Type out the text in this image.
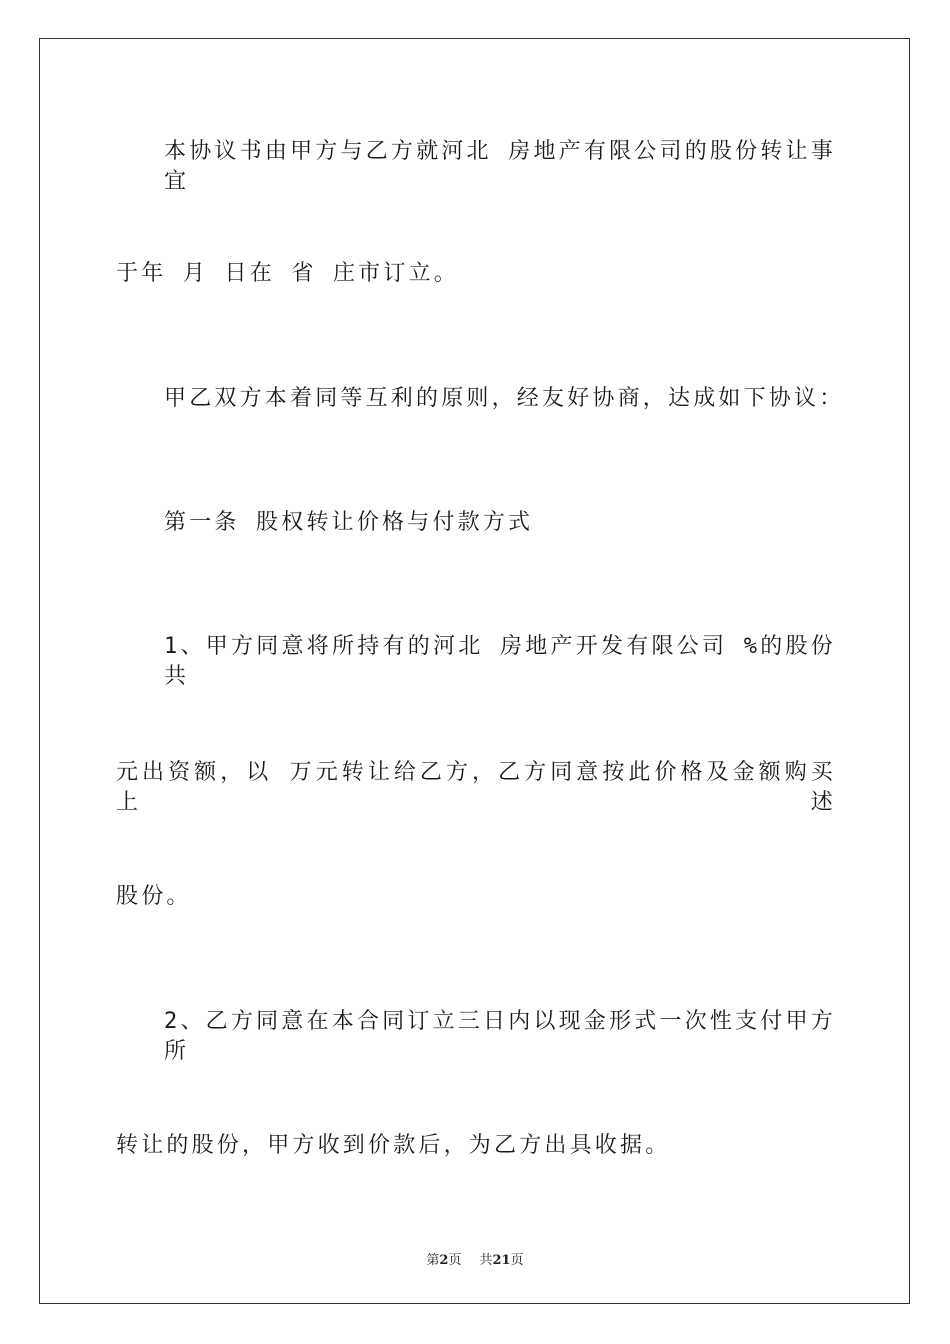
本协议书由甲方与乙方就河北 房地产有限公司的股份转让事宜
于年 月 日在 省 庄市订立。
甲乙双方本着同等互利的原则，经友好协商，达成如下协议：
第一条 股权转让价格与付款方式
1、甲方同意将所持有的河北 房地产开发有限公司 %的股份共
元出资额，以 万元转让给乙方，乙方同意按此价格及金额购买上述
股份。
2、乙方同意在本合同订立三日内以现金形式一次性支付甲方所
转让的股份，甲方收到价款后，为乙方出具收据。
第2页 共21页
